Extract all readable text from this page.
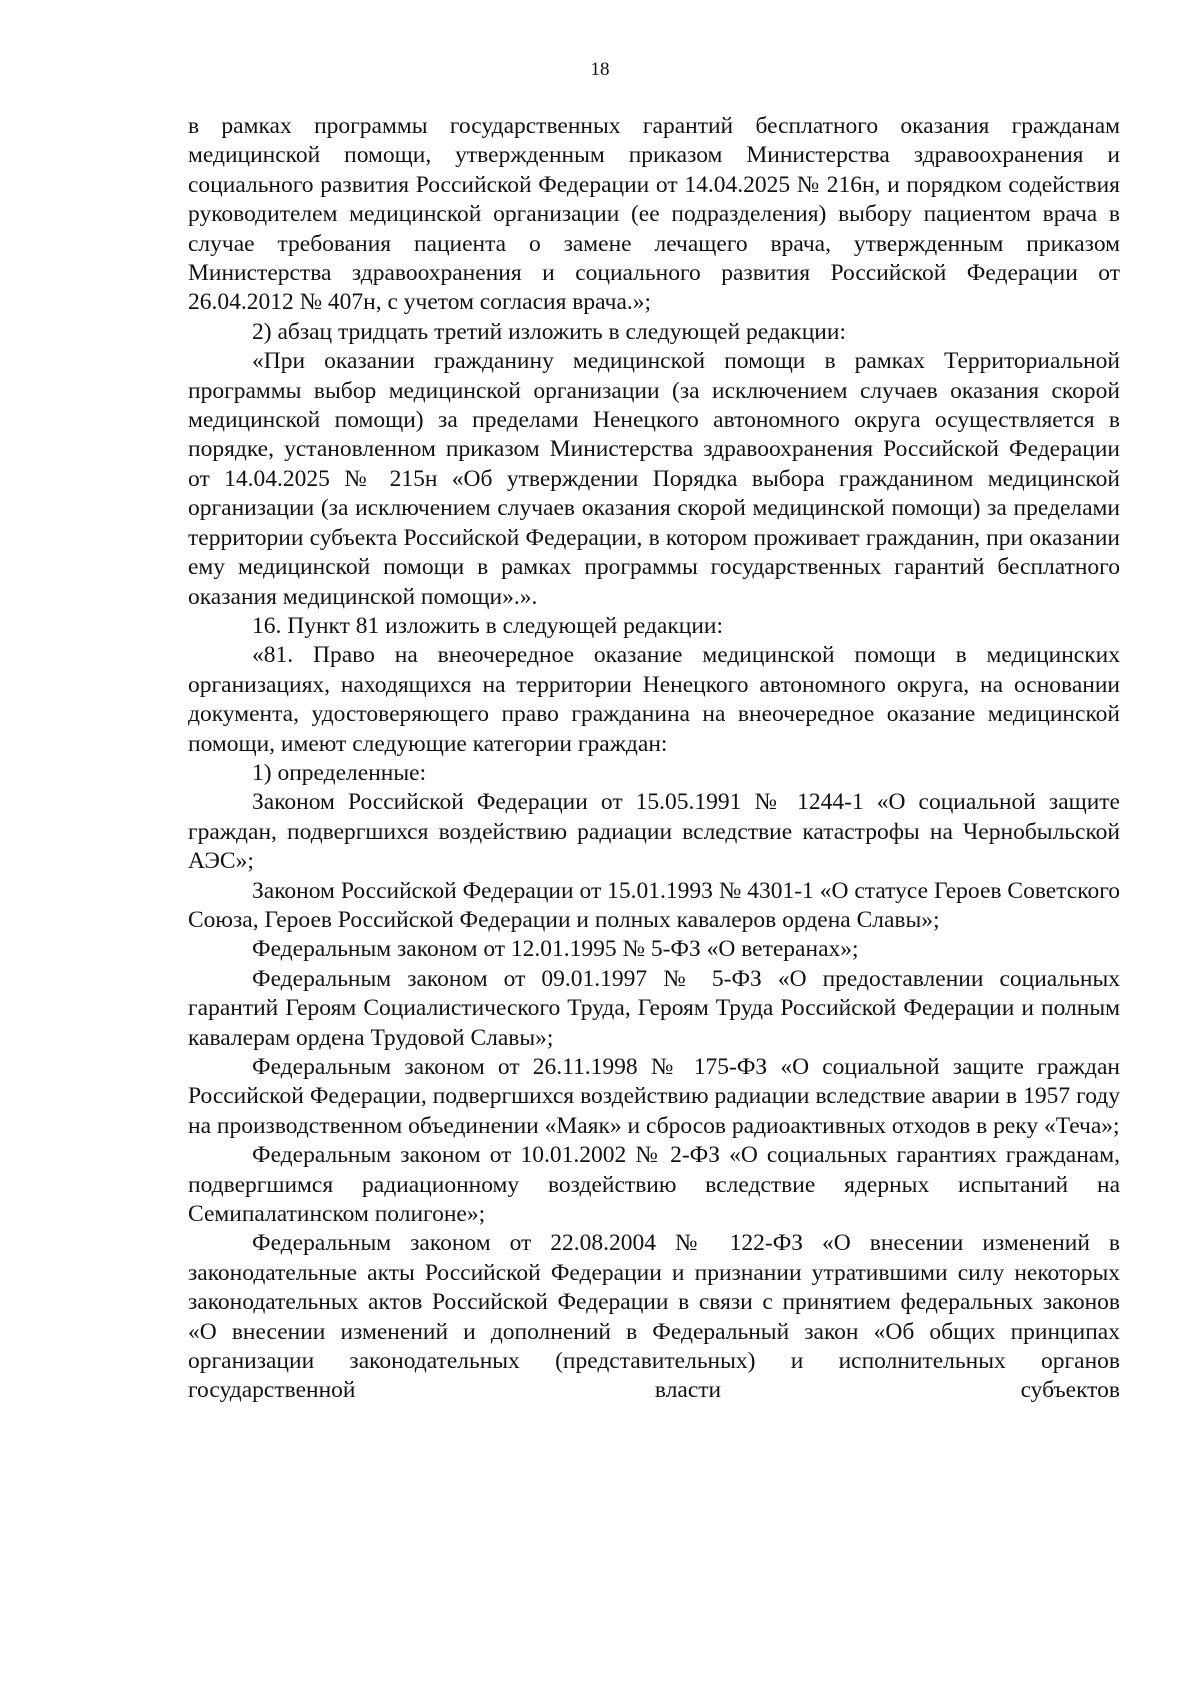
18

в рамках программы государственных гарантий бесплатного оказания гражданам медицинской помощи, утвержденным приказом Министерства здравоохранения и социального развития Российской Федерации от 14.04.2025 № 216н, и порядком содействия руководителем медицинской организации (ее подразделения) выбору пациентом врача в случае требования пациента о замене лечащего врача, утвержденным приказом Министерства здравоохранения и социального развития Российской Федерации от 26.04.2012 № 407н, с учетом согласия врача.»;

2) абзац тридцать третий изложить в следующей редакции:

«При оказании гражданину медицинской помощи в рамках Территориальной программы выбор медицинской организации (за исключением случаев оказания скорой медицинской помощи) за пределами Ненецкого автономного округа осуществляется в порядке, установленном приказом Министерства здравоохранения Российской Федерации от 14.04.2025 № 215н «Об утверждении Порядка выбора гражданином медицинской организации (за исключением случаев оказания скорой медицинской помощи) за пределами территории субъекта Российской Федерации, в котором проживает гражданин, при оказании ему медицинской помощи в рамках программы государственных гарантий бесплатного оказания медицинской помощи».».

16. Пункт 81 изложить в следующей редакции:

«81. Право на внеочередное оказание медицинской помощи в медицинских организациях, находящихся на территории Ненецкого автономного округа, на основании документа, удостоверяющего право гражданина на внеочередное оказание медицинской помощи, имеют следующие категории граждан:

1) определенные:

Законом Российской Федерации от 15.05.1991 № 1244-1 «О социальной защите граждан, подвергшихся воздействию радиации вследствие катастрофы на Чернобыльской АЭС»;

Законом Российской Федерации от 15.01.1993 № 4301-1 «О статусе Героев Советского Союза, Героев Российской Федерации и полных кавалеров ордена Славы»;

Федеральным законом от 12.01.1995 № 5-ФЗ «О ветеранах»;

Федеральным законом от 09.01.1997 № 5-ФЗ «О предоставлении социальных гарантий Героям Социалистического Труда, Героям Труда Российской Федерации и полным кавалерам ордена Трудовой Славы»;

Федеральным законом от 26.11.1998 № 175-ФЗ «О социальной защите граждан Российской Федерации, подвергшихся воздействию радиации вследствие аварии в 1957 году на производственном объединении «Маяк» и сбросов радиоактивных отходов в реку «Теча»;

Федеральным законом от 10.01.2002 № 2-ФЗ «О социальных гарантиях гражданам, подвергшимся радиационному воздействию вследствие ядерных испытаний на Семипалатинском полигоне»;

Федеральным законом от 22.08.2004 № 122-ФЗ «О внесении изменений в законодательные акты Российской Федерации и признании утратившими силу некоторых законодательных актов Российской Федерации в связи с принятием федеральных законов «О внесении изменений и дополнений в Федеральный закон «Об общих принципах организации законодательных (представительных) и исполнительных органов государственной власти субъектов
